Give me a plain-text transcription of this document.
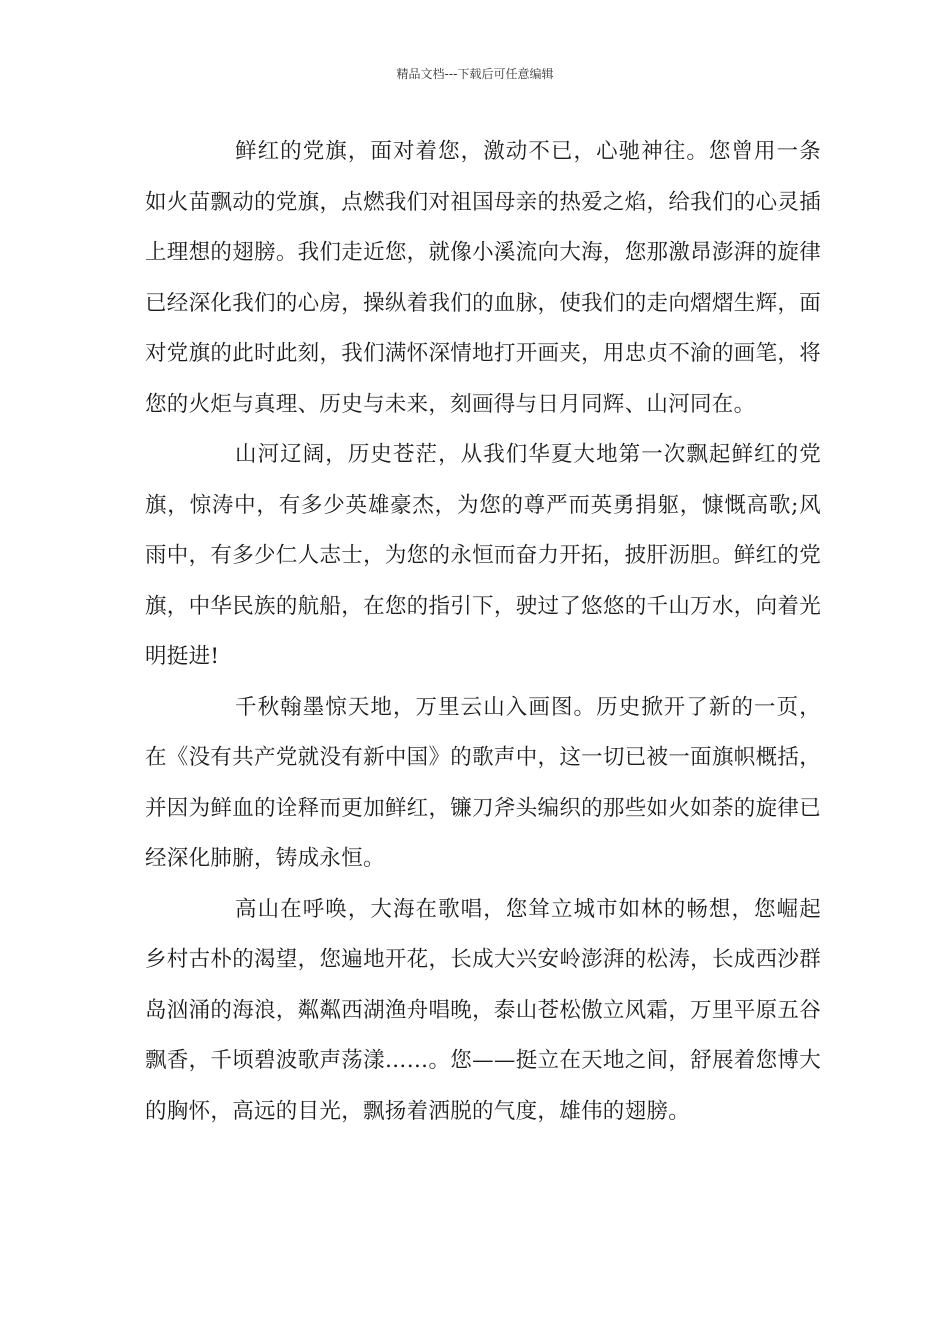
精品文档---下载后可任意编辑

鲜红的党旗，面对着您，激动不已，心驰神往。您曾用一条如火苗飘动的党旗，点燃我们对祖国母亲的热爱之焰，给我们的心灵插上理想的翅膀。我们走近您，就像小溪流向大海，您那激昂澎湃的旋律已经深化我们的心房，操纵着我们的血脉，使我们的走向熠熠生辉，面对党旗的此时此刻，我们满怀深情地打开画夹，用忠贞不渝的画笔，将您的火炬与真理、历史与未来，刻画得与日月同辉、山河同在。

山河辽阔，历史苍茫，从我们华夏大地第一次飘起鲜红的党旗，惊涛中，有多少英雄豪杰，为您的尊严而英勇捐躯，慷慨高歌;风雨中，有多少仁人志士，为您的永恒而奋力开拓，披肝沥胆。鲜红的党旗，中华民族的航船，在您的指引下，驶过了悠悠的千山万水，向着光明挺进!

千秋翰墨惊天地，万里云山入画图。历史掀开了新的一页，在《没有共产党就没有新中国》的歌声中，这一切已被一面旗帜概括，并因为鲜血的诠释而更加鲜红，镰刀斧头编织的那些如火如荼的旋律已经深化肺腑，铸成永恒。

高山在呼唤，大海在歌唱，您耸立城市如林的畅想，您崛起乡村古朴的渴望，您遍地开花，长成大兴安岭澎湃的松涛，长成西沙群岛汹涌的海浪，粼粼西湖渔舟唱晚，泰山苍松傲立风霜，万里平原五谷飘香，千顷碧波歌声荡漾……。您——挺立在天地之间，舒展着您博大的胸怀，高远的目光，飘扬着洒脱的气度，雄伟的翅膀。
